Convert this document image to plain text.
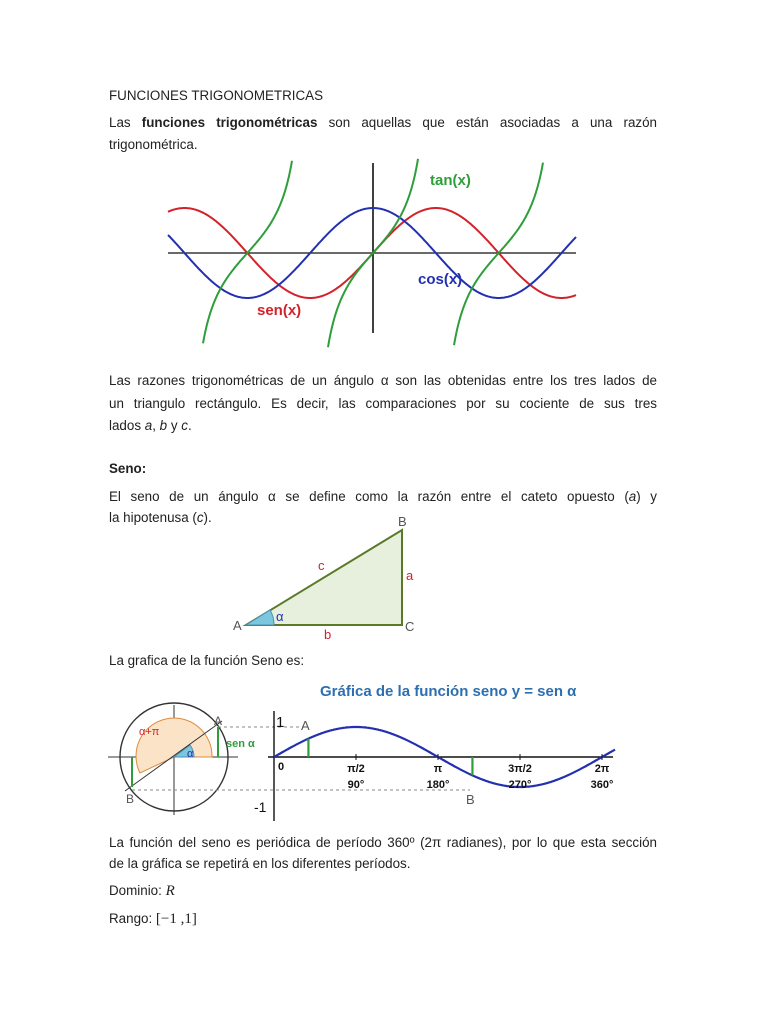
FUNCIONES TRIGONOMETRICAS
Las funciones trigonométricas son aquellas que están asociadas a una razón
trigonométrica.
tan(x)
cos(x)
sen(x)
Las razones trigonométricas de un ángulo α son las obtenidas entre los tres lados de
un triangulo rectángulo. Es decir, las comparaciones por su cociente de sus tres
lados a, b y c.
Seno:
El seno de un ángulo α se define como la razón entre el cateto opuesto (a) y
la hipotenusa (c).
A
B
C
c
a
b
α
La grafica de la función Seno es:
Gráfica de la función seno y = sen α
α+π
α
sen α
A
B
π/2
90°
π
180°
3π/2
270°
2π
360°
1
-1
0
A
B
La función del seno es periódica de período 360º (2π radianes), por lo que esta sección
de la gráfica se repetirá en los diferentes períodos.
Dominio: R
Rango: [−1 ,1]
